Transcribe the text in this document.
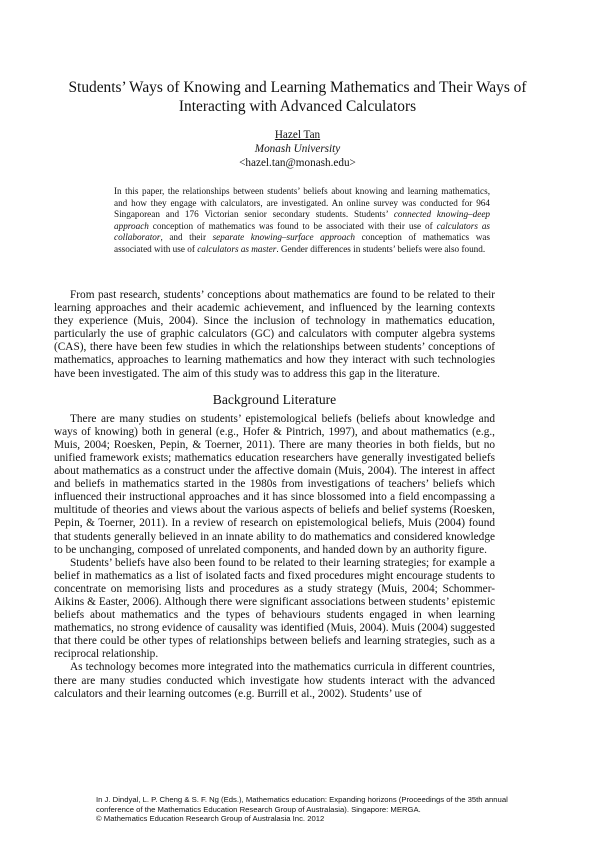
Students’ Ways of Knowing and Learning Mathematics and Their Ways of Interacting with Advanced Calculators
Hazel Tan
Monash University
<hazel.tan@monash.edu>

In this paper, the relationships between students’ beliefs about knowing and learning mathematics, and how they engage with calculators, are investigated. An online survey was conducted for 964 Singaporean and 176 Victorian senior secondary students. Students’ connected knowing–deep approach conception of mathematics was found to be associated with their use of calculators as collaborator, and their separate knowing–surface approach conception of mathematics was associated with use of calculators as master. Gender differences in students’ beliefs were also found.

From past research, students’ conceptions about mathematics are found to be related to their learning approaches and their academic achievement, and influenced by the learning contexts they experience (Muis, 2004). Since the inclusion of technology in mathematics education, particularly the use of graphic calculators (GC) and calculators with computer algebra systems (CAS), there have been few studies in which the relationships between students’ conceptions of mathematics, approaches to learning mathematics and how they interact with such technologies have been investigated. The aim of this study was to address this gap in the literature.

Background Literature

There are many studies on students’ epistemological beliefs (beliefs about knowledge and ways of knowing) both in general (e.g., Hofer & Pintrich, 1997), and about mathematics (e.g., Muis, 2004; Roesken, Pepin, & Toerner, 2011). There are many theories in both fields, but no unified framework exists; mathematics education researchers have generally investigated beliefs about mathematics as a construct under the affective domain (Muis, 2004). The interest in affect and beliefs in mathematics started in the 1980s from investigations of teachers’ beliefs which influenced their instructional approaches and it has since blossomed into a field encompassing a multitude of theories and views about the various aspects of beliefs and belief systems (Roesken, Pepin, & Toerner, 2011). In a review of research on epistemological beliefs, Muis (2004) found that students generally believed in an innate ability to do mathematics and considered knowledge to be unchanging, composed of unrelated components, and handed down by an authority figure.

Students’ beliefs have also been found to be related to their learning strategies; for example a belief in mathematics as a list of isolated facts and fixed procedures might encourage students to concentrate on memorising lists and procedures as a study strategy (Muis, 2004; Schommer-Aikins & Easter, 2006). Although there were significant associations between students’ epistemic beliefs about mathematics and the types of behaviours students engaged in when learning mathematics, no strong evidence of causality was identified (Muis, 2004). Muis (2004) suggested that there could be other types of relationships between beliefs and learning strategies, such as a reciprocal relationship.

As technology becomes more integrated into the mathematics curricula in different countries, there are many studies conducted which investigate how students interact with the advanced calculators and their learning outcomes (e.g. Burrill et al., 2002). Students’ use of

In J. Dindyal, L. P. Cheng & S. F. Ng (Eds.), Mathematics education: Expanding horizons (Proceedings of the 35th annual conference of the Mathematics Education Research Group of Australasia). Singapore: MERGA.

© Mathematics Education Research Group of Australasia Inc. 2012
